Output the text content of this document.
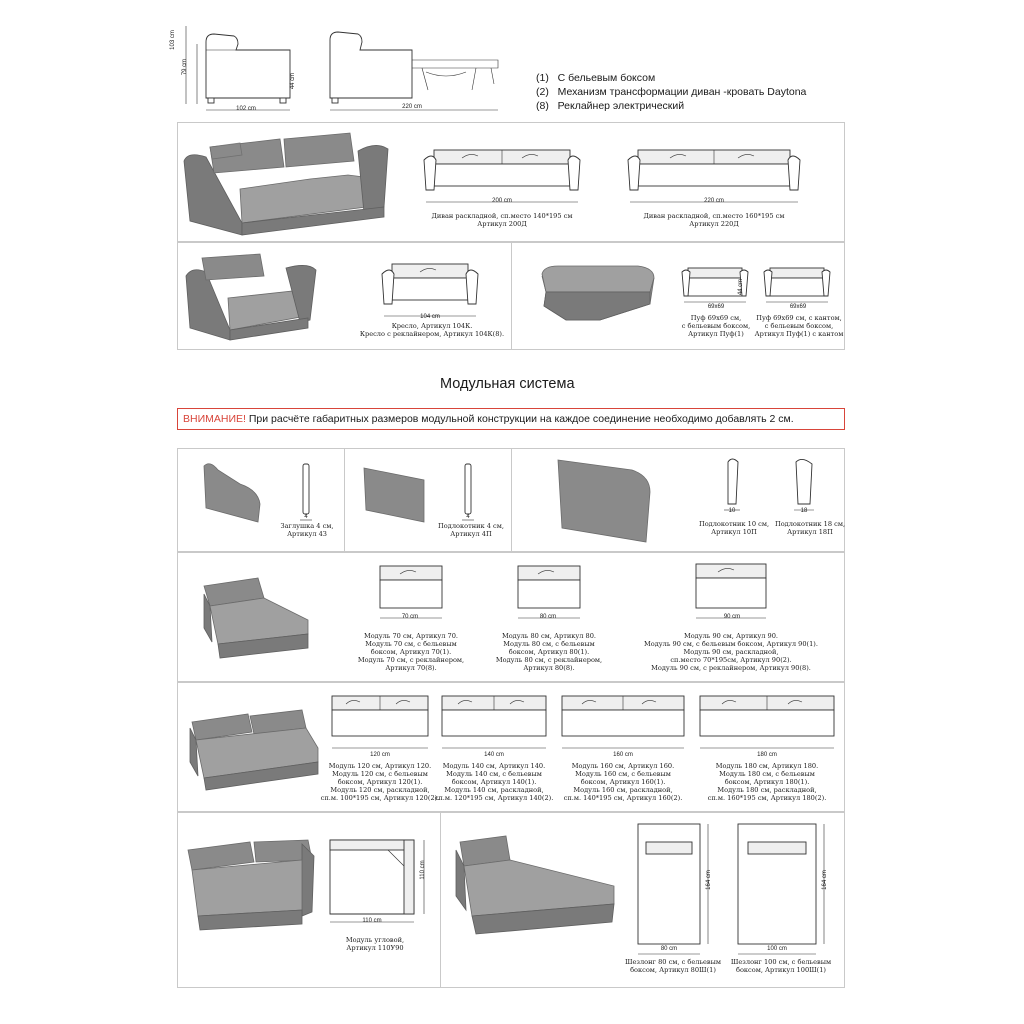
103 cm
79 cm
102 cm
44 cm
220 cm
(1) С бельевым боксом
(2) Механизм трансформации диван -кровать Daytona
(8) Реклайнер электрический
200 cm
Диван раскладной, сп.место 140*195 см
Артикул 200Д
220 cm
Диван раскладной, сп.место 160*195 см
Артикул 220Д
104 cm
Кресло, Артикул 104К.
Кресло с реклайнером, Артикул 104К(8).
44 cm
69x69	69x69
Пуф 69x69 см,
с бельевым боксом,
Артикул Пуф(1)
Пуф 69x69 см, с кантом,
с бельевым боксом,
Артикул Пуф(1) с кантом
Модульная система
ВНИМАНИЕ! При расчёте габаритных размеров модульной конструкции на каждое соединение необходимо добавлять 2 см.
4
Заглушка 4 см,
Артикул 4З
4
Подлокотник 4 см,
Артикул 4П
10
Подлокотник 10 см,
Артикул 10П
18
Подлокотник 18 см,
Артикул 18П
70 cm
Модуль 70 см, Артикул 70.
Модуль 70 см, с бельевым
боксом, Артикул 70(1).
Модуль 70 см, с реклайнером,
Артикул 70(8).
80 cm
Модуль 80 см, Артикул 80.
Модуль 80 см, с бельевым
боксом, Артикул 80(1).
Модуль 80 см, с реклайнером,
Артикул 80(8).
90 cm
Модуль 90 см, Артикул 90.
Модуль 90 см, с бельевым боксом, Артикул 90(1).
Модуль 90 см, раскладной,
сп.место 70*195см, Артикул 90(2).
Модуль 90 см, с реклайнером, Артикул 90(8).
120 cm
Модуль 120 см, Артикул 120.
Модуль 120 см, с бельевым
боксом, Артикул 120(1).
Модуль 120 см, раскладной,
сп.м. 100*195 см, Артикул 120(2).
140 cm
Модуль 140 см, Артикул 140.
Модуль 140 см, с бельевым
боксом, Артикул 140(1).
Модуль 140 см, раскладной,
сп.м. 120*195 см, Артикул 140(2).
160 cm
Модуль 160 см, Артикул 160.
Модуль 160 см, с бельевым
боксом, Артикул 160(1).
Модуль 160 см, раскладной,
сп.м. 140*195 см, Артикул 160(2).
180 cm
Модуль 180 см, Артикул 180.
Модуль 180 см, с бельевым
боксом, Артикул 180(1).
Модуль 180 см, раскладной,
сп.м. 160*195 см, Артикул 180(2).
110 cm
110 cm
Модуль угловой,
Артикул 110У90	80 cm
164 cm
Шезлонг 80 см, с бельевым
боксом, Артикул 80Ш(1)
100 cm
164 cm
Шезлонг 100 см, с бельевым
боксом, Артикул 100Ш(1)
